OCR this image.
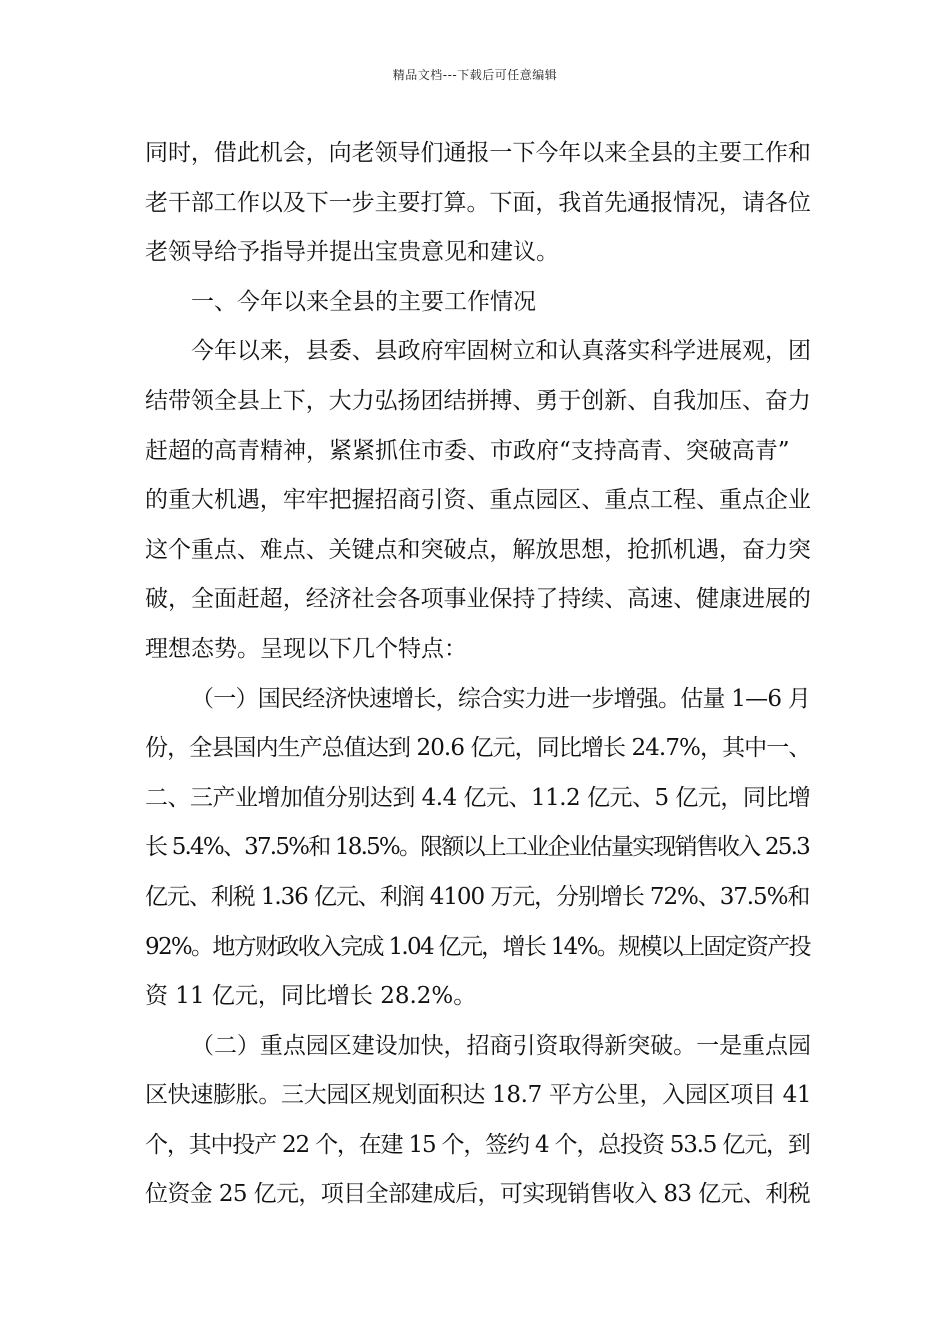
精品文档---下载后可任意编辑
同时，借此机会，向老领导们通报一下今年以来全县的主要工作和
老干部工作以及下一步主要打算。下面，我首先通报情况，请各位
老领导给予指导并提出宝贵意见和建议。
一、今年以来全县的主要工作情况
今年以来，县委、县政府牢固树立和认真落实科学进展观，团
结带领全县上下，大力弘扬团结拼搏、勇于创新、自我加压、奋力
赶超的高青精神，紧紧抓住市委、市政府“支持高青、突破高青”
的重大机遇，牢牢把握招商引资、重点园区、重点工程、重点企业
这个重点、难点、关键点和突破点，解放思想，抢抓机遇，奋力突
破，全面赶超，经济社会各项事业保持了持续、高速、健康进展的
理想态势。呈现以下几个特点：
（一）国民经济快速增长，综合实力进一步增强。估量 1—6 月
份，全县国内生产总值达到 20.6 亿元，同比增长 24.7%，其中一、
二、三产业增加值分别达到 4.4 亿元、11.2 亿元、5 亿元，同比增
长 5.4%、37.5%和 18.5%。限额以上工业企业估量实现销售收入 25.3
亿元、利税 1.36 亿元、利润 4100 万元，分别增长 72%、37.5%和
92%。地方财政收入完成 1.04 亿元，增长 14%。规模以上固定资产投
资 11 亿元，同比增长 28.2%。
（二）重点园区建设加快，招商引资取得新突破。一是重点园
区快速膨胀。三大园区规划面积达 18.7 平方公里，入园区项目 41
个，其中投产 22 个，在建 15 个，签约 4 个，总投资 53.5 亿元，到
位资金 25 亿元，项目全部建成后，可实现销售收入 83 亿元、利税
